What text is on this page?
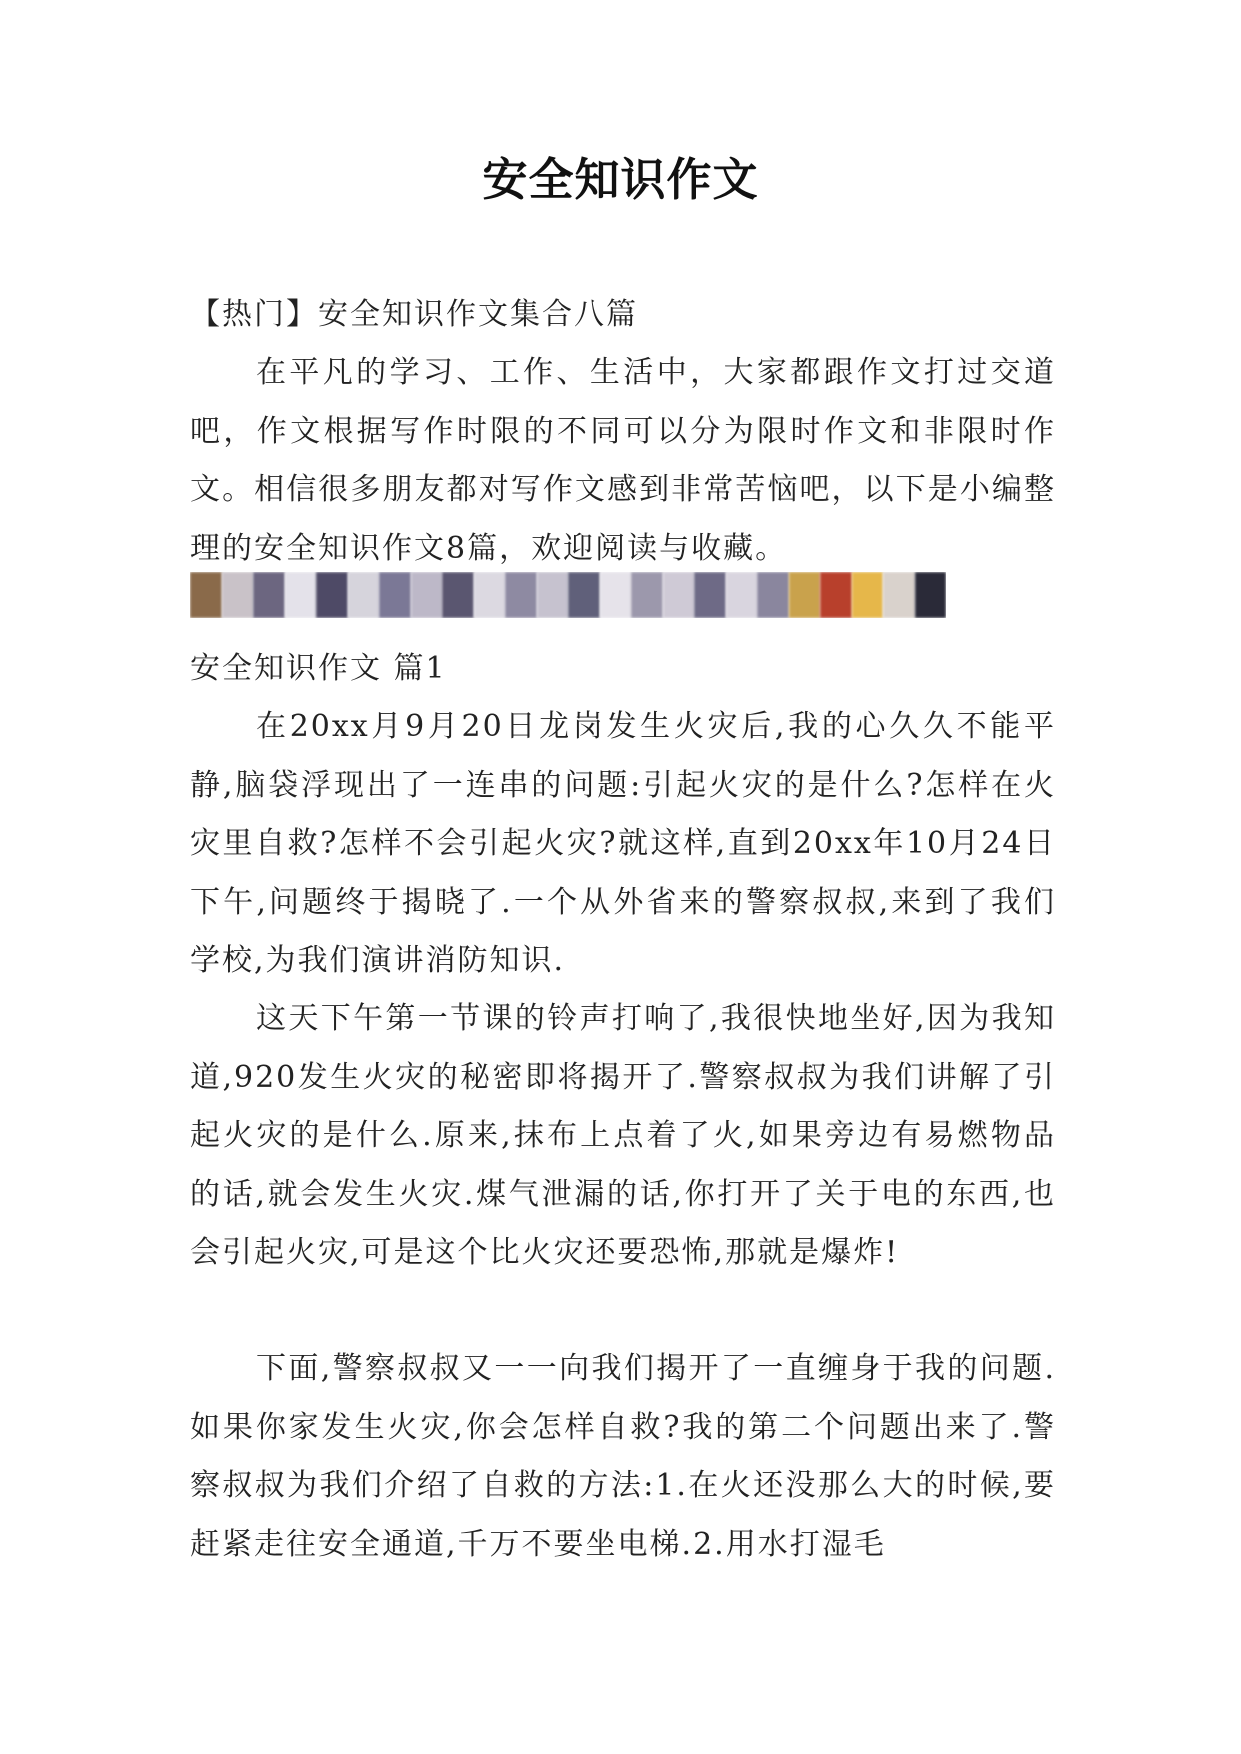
安全知识作文
【热门】安全知识作文集合八篇

在平凡的学习、工作、生活中，大家都跟作文打过交道吧，作文根据写作时限的不同可以分为限时作文和非限时作文。相信很多朋友都对写作文感到非常苦恼吧，以下是小编整理的安全知识作文8篇，欢迎阅读与收藏。

安全知识作文 篇1

在20xx月9月20日龙岗发生火灾后,我的心久久不能平静,脑袋浮现出了一连串的问题:引起火灾的是什么?怎样在火灾里自救?怎样不会引起火灾?就这样,直到20xx年10月24日下午,问题终于揭晓了.一个从外省来的警察叔叔,来到了我们学校,为我们演讲消防知识.

这天下午第一节课的铃声打响了,我很快地坐好,因为我知道,920发生火灾的秘密即将揭开了.警察叔叔为我们讲解了引起火灾的是什么.原来,抹布上点着了火,如果旁边有易燃物品的话,就会发生火灾.煤气泄漏的话,你打开了关于电的东西,也会引起火灾,可是这个比火灾还要恐怖,那就是爆炸!

下面,警察叔叔又一一向我们揭开了一直缠身于我的问题.如果你家发生火灾,你会怎样自救?我的第二个问题出来了.警察叔叔为我们介绍了自救的方法:1.在火还没那么大的时候,要赶紧走往安全通道,千万不要坐电梯.2.用水打湿毛
